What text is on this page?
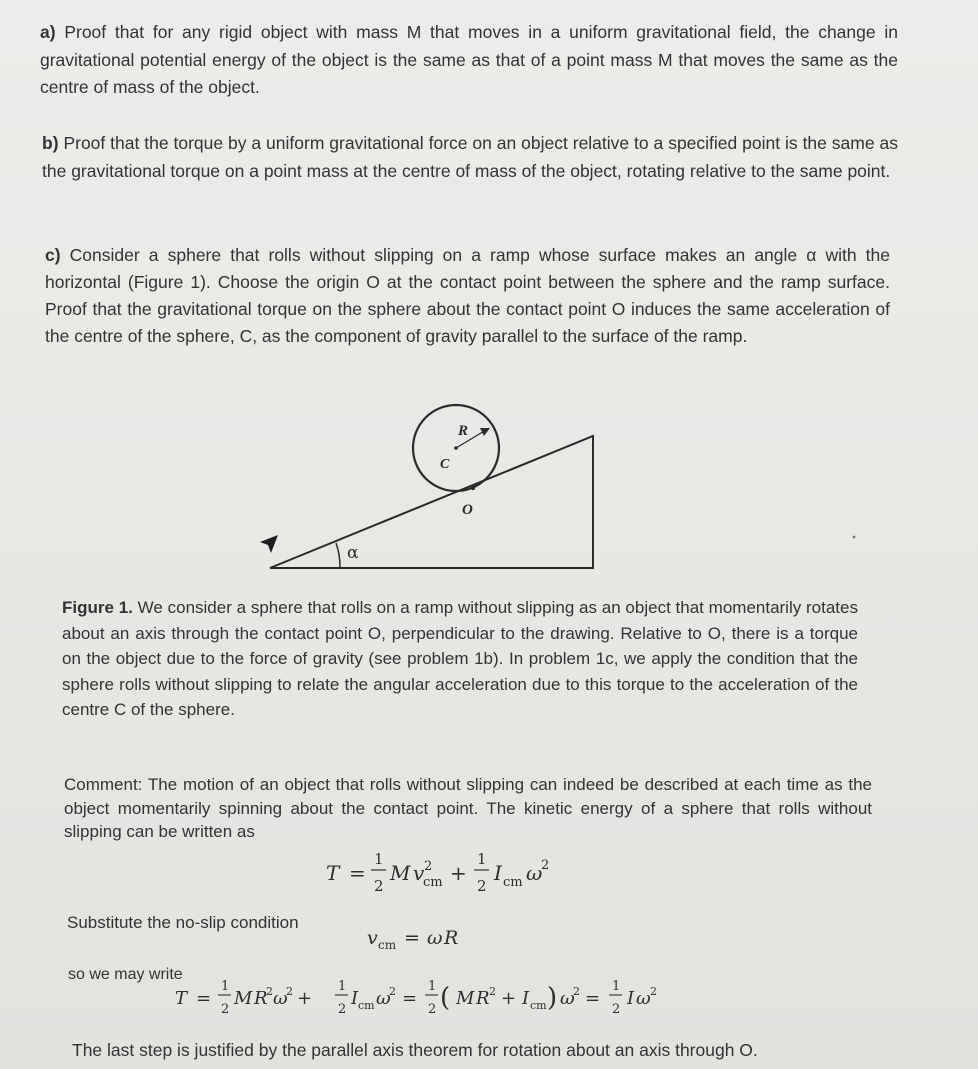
a) Proof that for any rigid object with mass M that moves in a uniform gravitational field, the change in gravitational potential energy of the object is the same as that of a point mass M that moves the same as the centre of mass of the object.

b) Proof that the torque by a uniform gravitational force on an object relative to a specified point is the same as the gravitational torque on a point mass at the centre of mass of the object, rotating relative to the same point.

c) Consider a sphere that rolls without slipping on a ramp whose surface makes an angle α with the horizontal (Figure 1). Choose the origin O at the contact point between the sphere and the ramp surface. Proof that the gravitational torque on the sphere about the contact point O induces the same acceleration of the centre of the sphere, C, as the component of gravity parallel to the surface of the ramp.

R
C
O
α

Figure 1. We consider a sphere that rolls on a ramp without slipping as an object that momentarily rotates about an axis through the contact point O, perpendicular to the drawing. Relative to O, there is a torque on the object due to the force of gravity (see problem 1b). In problem 1c, we apply the condition that the sphere rolls without slipping to relate the angular acceleration due to this torque to the acceleration of the centre C of the sphere.

Comment: The motion of an object that rolls without slipping can indeed be described at each time as the object momentarily spinning about the contact point. The kinetic energy of a sphere that rolls without slipping can be written as

T =
1
2
M v 2
cm +
1
2
I cm ω
2

Substitute the no-slip condition

v cm = ω R

so we may write

T =
1
2
M R
2 ω
2 +
1
2
I cm ω
2 =
1
2 ( M R 2 + I cm ) ω
2 =
1
2
I ω 2

The last step is justified by the parallel axis theorem for rotation about an axis through O.
